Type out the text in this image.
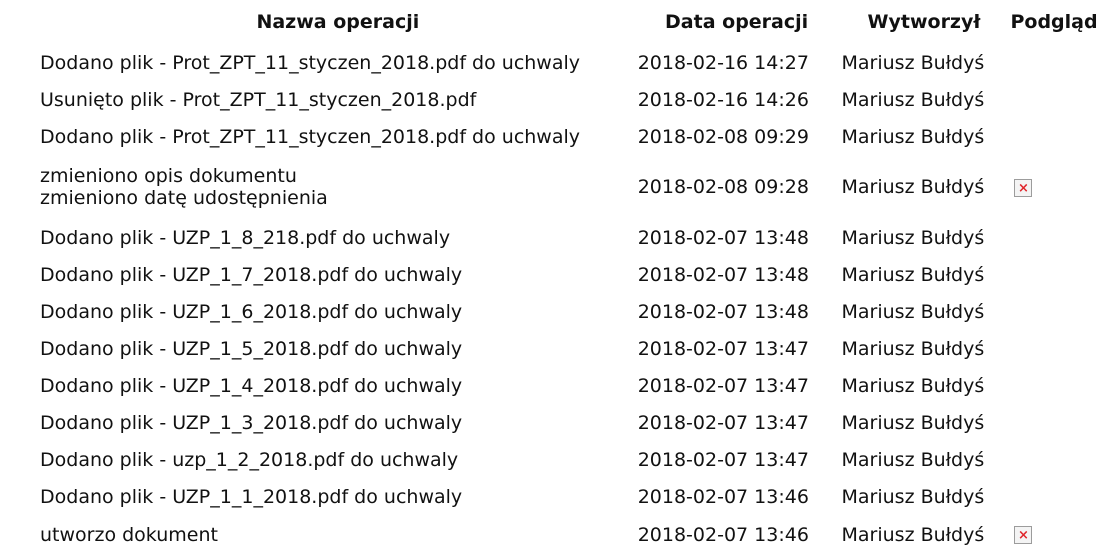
Nazwa operacji	Data operacji	Wytworzył	Podgląd

Dodano plik - Prot_ZPT_11_styczen_2018.pdf do uchwaly	2018-02-16 14:27	Mariusz Bułdyś	

Usunięto plik - Prot_ZPT_11_styczen_2018.pdf	2018-02-16 14:26	Mariusz Bułdyś	

Dodano plik - Prot_ZPT_11_styczen_2018.pdf do uchwaly	2018-02-08 09:29	Mariusz Bułdyś	

zmieniono opis dokumentu
zmieniono datę udostępnienia	2018-02-08 09:28	Mariusz Bułdyś	×

Dodano plik - UZP_1_8_218.pdf do uchwaly	2018-02-07 13:48	Mariusz Bułdyś	

Dodano plik - UZP_1_7_2018.pdf do uchwaly	2018-02-07 13:48	Mariusz Bułdyś	

Dodano plik - UZP_1_6_2018.pdf do uchwaly	2018-02-07 13:48	Mariusz Bułdyś	

Dodano plik - UZP_1_5_2018.pdf do uchwaly	2018-02-07 13:47	Mariusz Bułdyś	

Dodano plik - UZP_1_4_2018.pdf do uchwaly	2018-02-07 13:47	Mariusz Bułdyś	

Dodano plik - UZP_1_3_2018.pdf do uchwaly	2018-02-07 13:47	Mariusz Bułdyś	

Dodano plik - uzp_1_2_2018.pdf do uchwaly	2018-02-07 13:47	Mariusz Bułdyś	

Dodano plik - UZP_1_1_2018.pdf do uchwaly	2018-02-07 13:46	Mariusz Bułdyś	

utworzo dokument	2018-02-07 13:46	Mariusz Bułdyś	×
